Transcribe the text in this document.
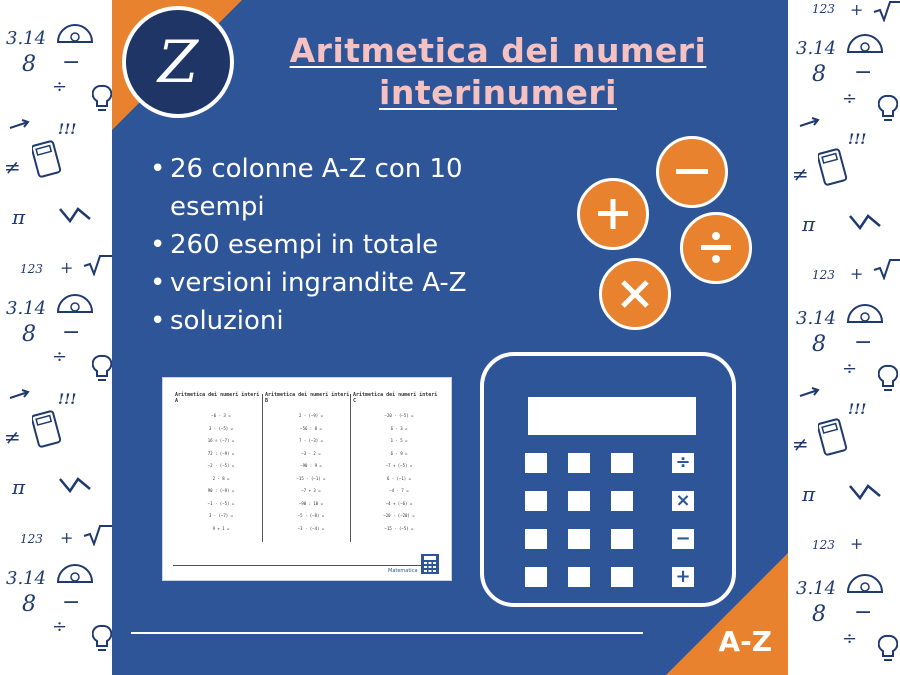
3.14
8 −
÷
!!!
≠
π
123 +
3.14
8 −
÷
!!!
≠
π
123 +
3.14
8 −
÷
123 +
3.14
8 −
÷
!!!
≠
π
123 +
3.14
8 −
÷
!!!
≠
π
123 +
3.14
8 −
÷
Z	Aritmetica dei numeri interinumeri
• 26 colonne A-Z con 10 esempi
• 260 esempi in totale
• versioni ingrandite A-Z
• soluzioni
Aritmetica dei numeri interi A
−6 · 3 =
3 · (−5) =
16 ÷ (−7) =
72 : (−9) =
−2 · (−5) =
2 · 8 =
90 : (−9) =
−1 · (−5) =
3 · (−7) =
9 + 1 =
Aritmetica dei numeri interi B
2 · (−9) =
−56 : 8 =
7 · (−3) =
−3 · 2 =
−90 : 9 =
−15 · (−1) =
−7 + 3 =
−90 : 10 =
−5 · (−8) =
−3 · (−4) =
Aritmetica dei numeri interi C
−20 · (−5) =
6 · 3 =
1 · 5 =
6 · 9 =
−7 + (−5) =
6 · (−1) =
−4 · 7 =
−4 + (−6) =
−20 · (−20) =
−15 · (−5) =
Matematica
÷
×
−
+
A-Z
